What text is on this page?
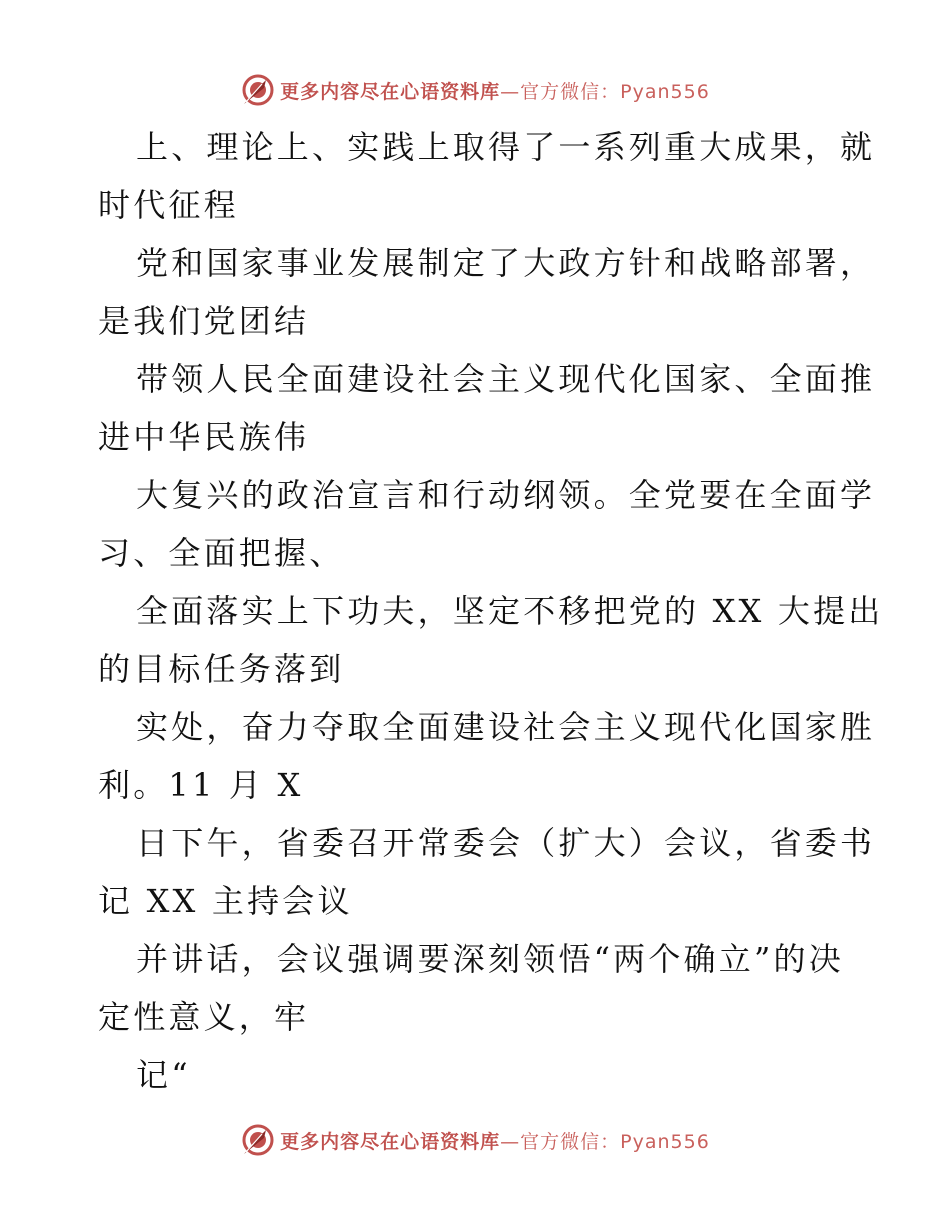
更多内容尽在心语资料库—官方微信：Pyan556
上、理论上、实践上取得了一系列重大成果，就
时代征程
党和国家事业发展制定了大政方针和战略部署，
是我们党团结
带领人民全面建设社会主义现代化国家、全面推
进中华民族伟
大复兴的政治宣言和行动纲领。全党要在全面学
习、全面把握、
全面落实上下功夫，坚定不移把党的 XX 大提出
的目标任务落到
实处，奋力夺取全面建设社会主义现代化国家胜
利。11 月 X
日下午，省委召开常委会（扩大）会议，省委书
记 XX 主持会议
并讲话，会议强调要深刻领悟“两个确立”的决
定性意义，牢
记“
更多内容尽在心语资料库—官方微信：Pyan556
